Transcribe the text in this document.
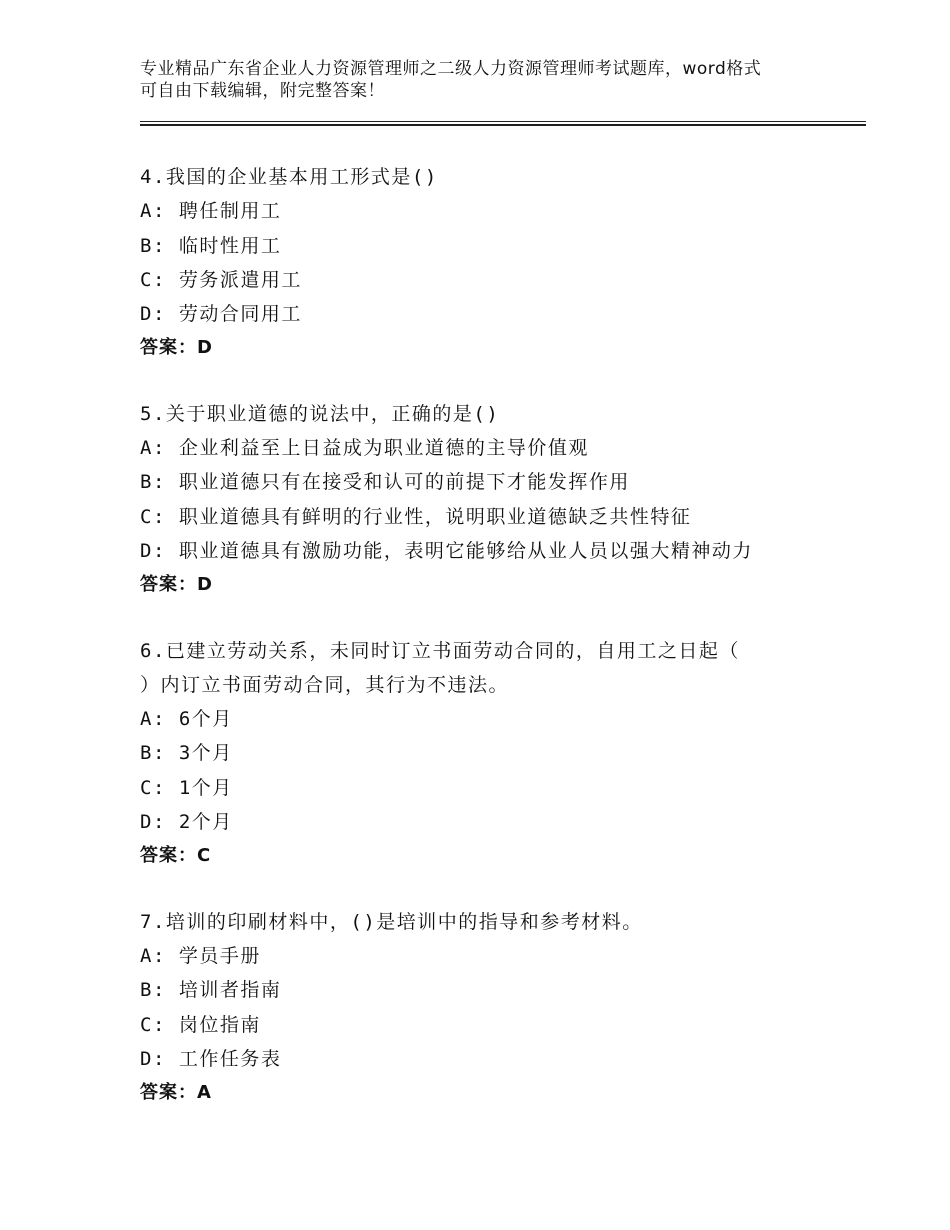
专业精品广东省企业人力资源管理师之二级人力资源管理师考试题库，word格式
可自由下载编辑，附完整答案！
4.我国的企业基本用工形式是()
A: 聘任制用工
B: 临时性用工
C: 劳务派遣用工
D: 劳动合同用工
答案：D
5.关于职业道德的说法中，正确的是()
A: 企业利益至上日益成为职业道德的主导价值观
B: 职业道德只有在接受和认可的前提下才能发挥作用
C: 职业道德具有鲜明的行业性，说明职业道德缺乏共性特征
D: 职业道德具有激励功能，表明它能够给从业人员以强大精神动力
答案：D
6.已建立劳动关系，未同时订立书面劳动合同的，自用工之日起（
）内订立书面劳动合同，其行为不违法。
A: 6个月
B: 3个月
C: 1个月
D: 2个月
答案：C
7.培训的印刷材料中，()是培训中的指导和参考材料。
A: 学员手册
B: 培训者指南
C: 岗位指南
D: 工作任务表
答案：A
